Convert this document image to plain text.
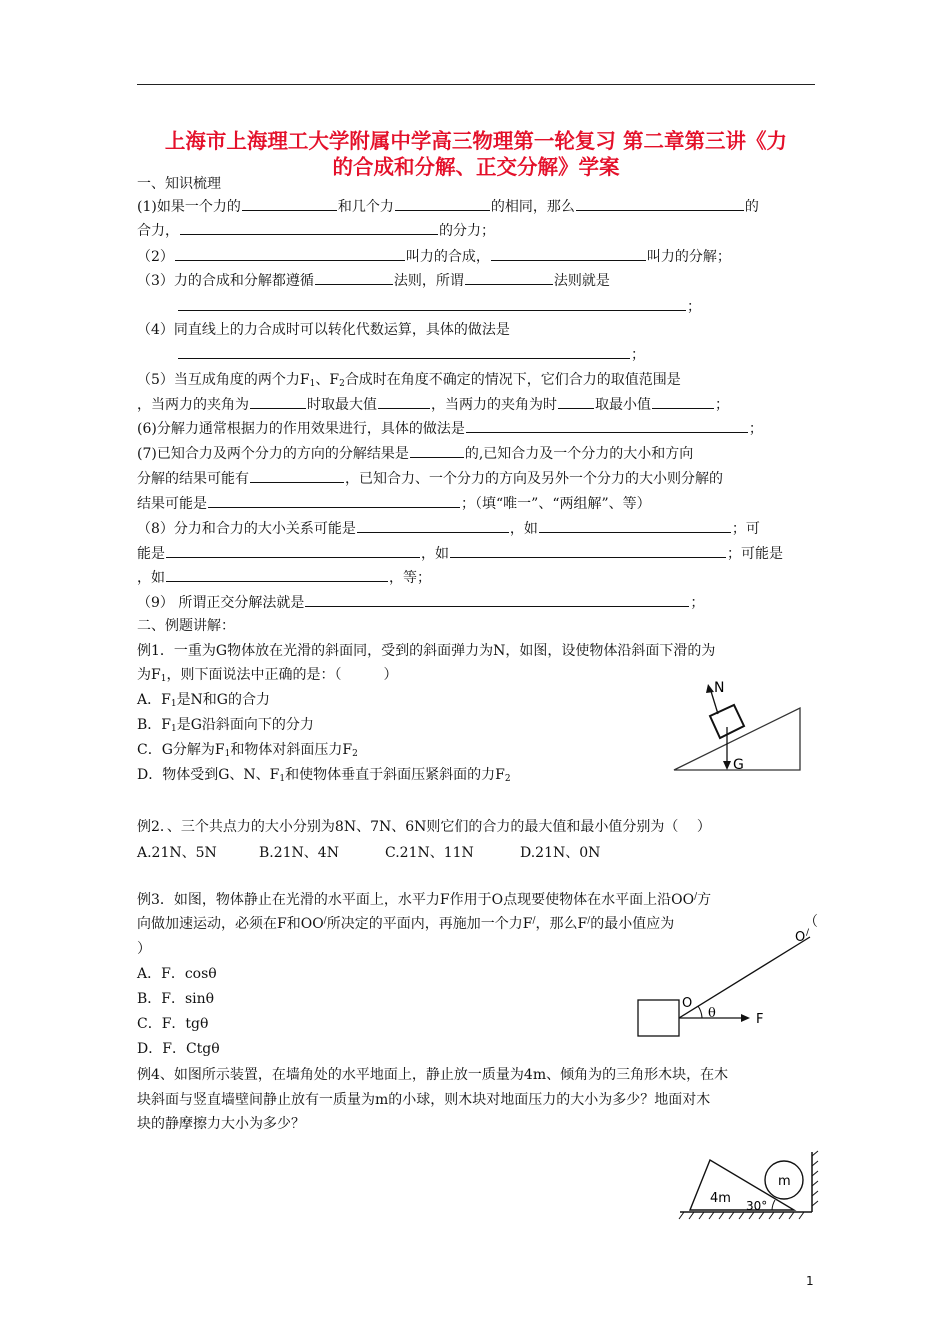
上海市上海理工大学附属中学高三物理第一轮复习 第二章第三讲《力
的合成和分解、正交分解》学案
一、知识梳理
(1)如果一个力的	和几个力	的相同，那么	的
合力，	的分力；
（2）	叫力的合成，	叫力的分解；
（3）力的合成和分解都遵循	法则，所谓	法则就是
；
（4）同直线上的力合成时可以转化代数运算，具体的做法是
；
（5）当互成角度的两个力$F_1$、$F_2$合成时在角度不确定的情况下，它们合力的取值范围是
，当两力的夹角为	时取最大值	，当两力的夹角为时	取最小值	；
(6)分解力通常根据力的作用效果进行，具体的做法是	；
(7)已知合力及两个分力的方向的分解结果是	的,已知合力及一个分力的大小和方向
分解的结果可能有	，已知合力、一个分力的方向及另外一个分力的大小则分解的
结果可能是	；（填“唯一”、“两组解”、等）
（8）分力和合力的大小关系可能是	，如	；可
能是	，如	；可能是
，如	，等；
（9） 所谓正交分解法就是	；
二、例题讲解：
例1．一重为G物体放在光滑的斜面同，受到的斜面弹力为N，如图，设使物体沿斜面下滑的为
为$F_1$，则下面说法中正确的是：（　　　）
A．$F_1$是N和G的合力
B．$F_1$是G沿斜面向下的分力
C．G分解为$F_1$和物体对斜面压力$F_2$
D．物体受到G、N、$F_1$和使物体垂直于斜面压紧斜面的力$F_2$
N
G
例2．、三个共点力的大小分别为8N、7N、6N则它们的合力的最大值和最小值分别为（　 ）
A.21N、5N	B.21N、4N	C.21N、11N	D.21N、0N
例3．如图，物体静止在光滑的水平面上，水平力F作用于O点现要使物体在水平面上沿OO/方
向做加速运动，必须在F和OO/所决定的平面内，再施加一个力F/，那么F/的最小值应为	（
）
A．F．cosθ
B．F．sinθ
C．F．tgθ
D．F．Ctgθ
O
O /
θ	F
例4、如图所示装置，在墙角处的水平地面上，静止放一质量为4m、倾角为的三角形木块，在木
块斜面与竖直墙壁间静止放有一质量为m的小球，则木块对地面压力的大小为多少？地面对木
块的静摩擦力大小为多少？
4m
m
30°
1
